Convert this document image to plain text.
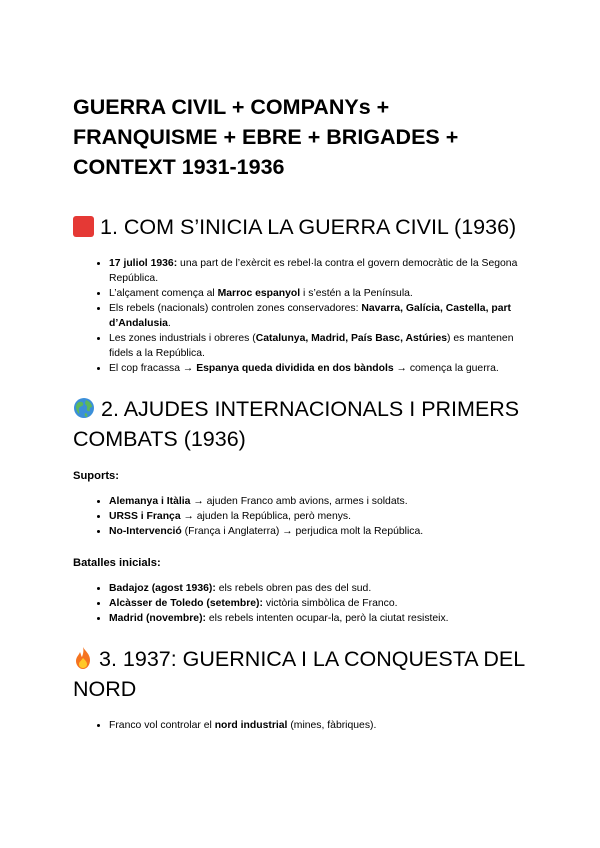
GUERRA CIVIL + COMPANYs + FRANQUISME + EBRE + BRIGADES + CONTEXT 1931-1936
1. COM S’INICIA LA GUERRA CIVIL (1936)
• 17 juliol 1936: una part de l’exèrcit es rebel·la contra el govern democràtic de la Segona República.
• L’alçament comença al Marroc espanyol i s’estén a la Península.
• Els rebels (nacionals) controlen zones conservadores: Navarra, Galícia, Castella, part d’Andalusia.
• Les zones industrials i obreres (Catalunya, Madrid, País Basc, Astúries) es mantenen fidels a la República.
• El cop fracassa → Espanya queda dividida en dos bàndols → comença la guerra.
2. AJUDES INTERNACIONALS I PRIMERS COMBATS (1936)

Suports:

• Alemanya i Itàlia → ajuden Franco amb avions, armes i soldats.
• URSS i França → ajuden la República, però menys.
• No-Intervenció (França i Anglaterra) → perjudica molt la República.

Batalles inicials:

• Badajoz (agost 1936): els rebels obren pas des del sud.
• Alcàsser de Toledo (setembre): victòria simbòlica de Franco.
• Madrid (novembre): els rebels intenten ocupar-la, però la ciutat resisteix.
3. 1937: GUERNICA I LA CONQUESTA DEL NORD
• Franco vol controlar el nord industrial (mines, fàbriques).
